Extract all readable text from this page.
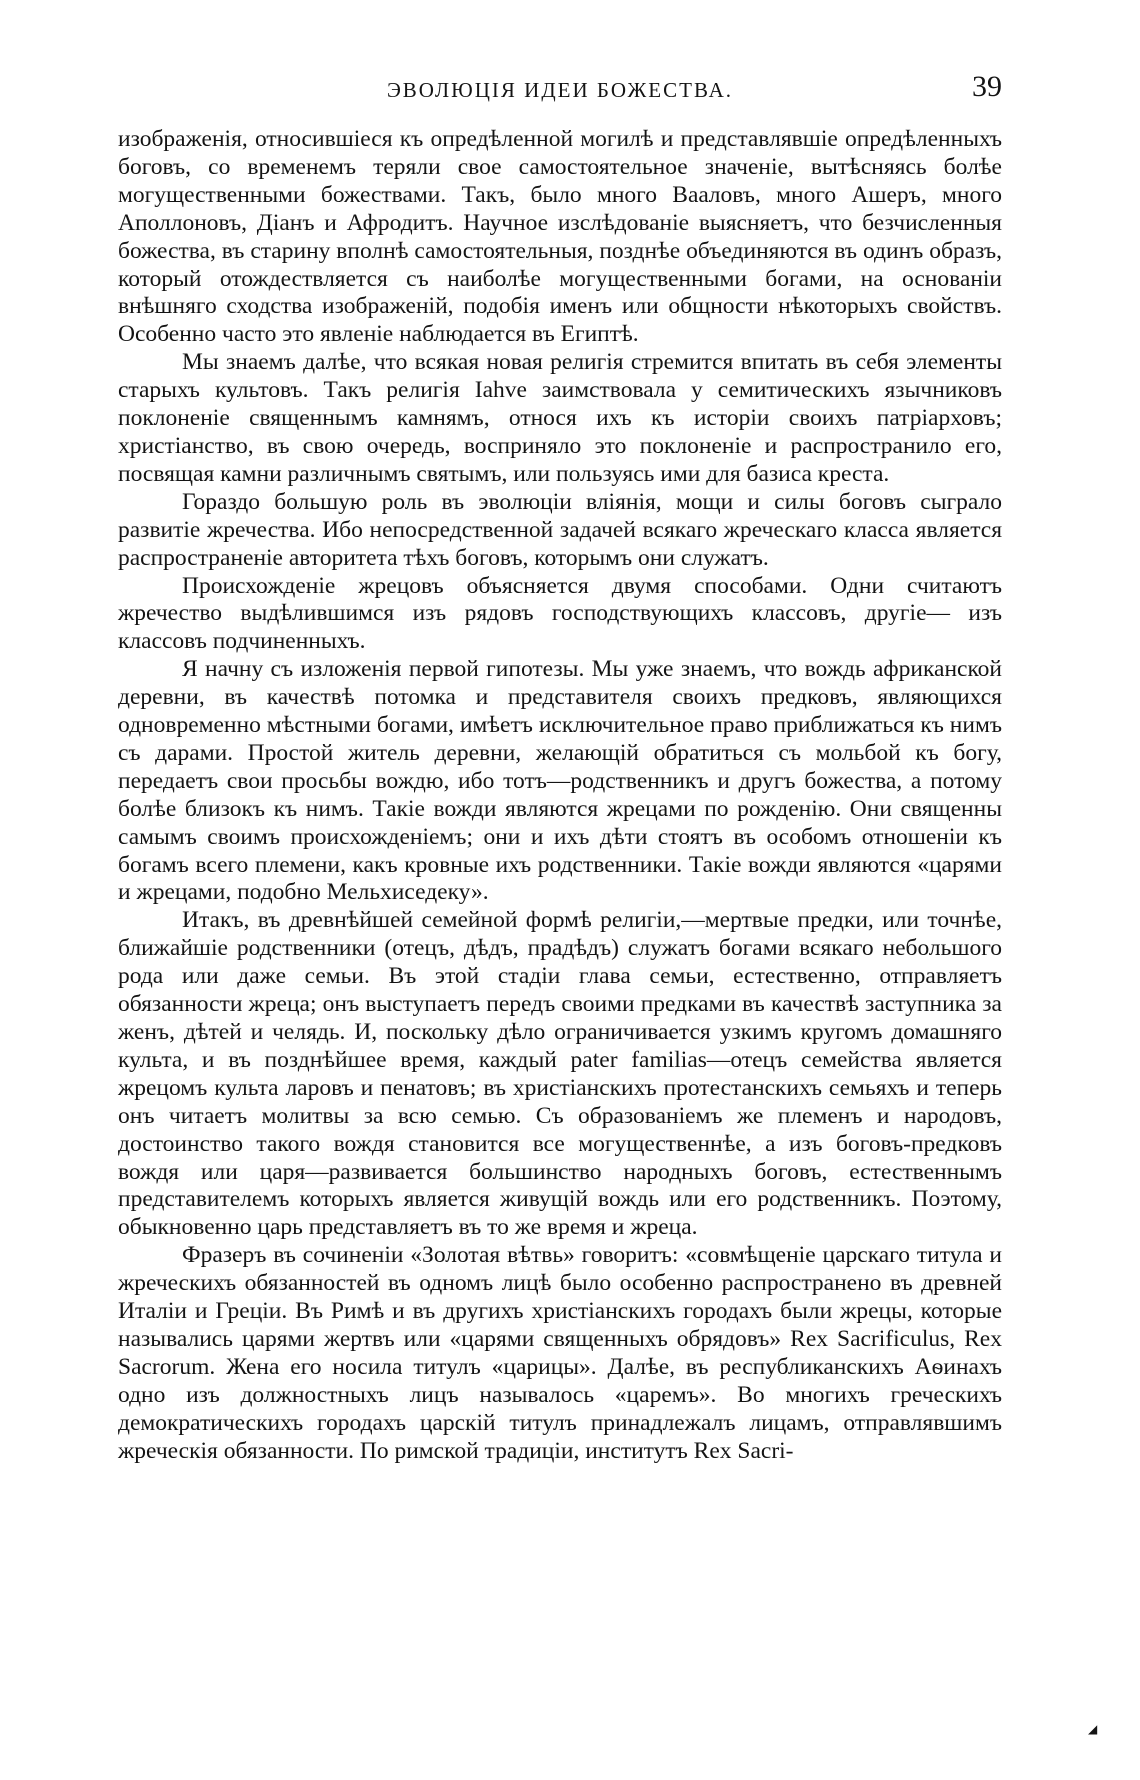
ЭВОЛЮЦІЯ ИДЕИ БОЖЕСТВА.	39

изображенія, относившіеся къ опредѣленной могилѣ и представлявшіе опредѣленныхъ боговъ, со временемъ теряли свое самостоятельное значеніе, вытѣсняясь болѣе могущественными божествами. Такъ, было много Ваaловъ, много Ашеръ, много Аполлоновъ, Діанъ и Афродитъ. Научное изслѣдованіе выясняетъ, что безчисленныя божества, въ старину вполнѣ самостоятельныя, позднѣе объединяются въ одинъ образъ, который отождествляется съ наиболѣе могущественными богами, на основаніи внѣшняго сходства изображеній, подобія именъ или общности нѣкоторыхъ свойствъ. Особенно часто это явленіе наблюдается въ Египтѣ.

Мы знаемъ далѣе, что всякая новая религія стремится впитать въ себя элементы старыхъ культовъ. Такъ религія Iahve заимствовала у семитическихъ язычниковъ поклоненіе священнымъ камнямъ, относя ихъ къ исторіи своихъ патріарховъ; христіанство, въ свою очередь, восприняло это поклоненіе и распространило его, посвящая камни различнымъ святымъ, или пользуясь ими для базиса креста.

Гораздо большую роль въ эволюціи вліянія, мощи и силы боговъ сыграло развитіе жречества. Ибо непосредственной задачей всякаго жреческаго класса является распространеніе авторитета тѣхъ боговъ, которымъ они служатъ.

Происхожденіе жрецовъ объясняется двумя способами. Одни считаютъ жречество выдѣлившимся изъ рядовъ господствующихъ классовъ, другіе— изъ классовъ подчиненныхъ.

Я начну съ изложенія первой гипотезы. Мы уже знаемъ, что вождь африканской деревни, въ качествѣ потомка и представителя своихъ предковъ, являющихся одновременно мѣстными богами, имѣетъ исключительное право приближаться къ нимъ съ дарами. Простой житель деревни, желающій обратиться съ мольбой къ богу, передаетъ свои просьбы вождю, ибо тотъ—родственникъ и другъ божества, а потому болѣе близокъ къ нимъ. Такіе вожди являются жрецами по рожденію. Они священны самымъ своимъ происхожденіемъ; они и ихъ дѣти стоятъ въ особомъ отношеніи къ богамъ всего племени, какъ кровные ихъ родственники. Такіе вожди являются «царями и жрецами, подобно Мельхиседеку».

Итакъ, въ древнѣйшей семейной формѣ религіи,—мертвые предки, или точнѣе, ближайшіе родственники (отецъ, дѣдъ, прадѣдъ) служатъ богами всякаго небольшого рода или даже семьи. Въ этой стадіи глава семьи, естественно, отправляетъ обязанности жреца; онъ выступаетъ передъ своими предками въ качествѣ заступника за женъ, дѣтей и челядь. И, поскольку дѣло ограничивается узкимъ кругомъ домашняго культа, и въ позднѣйшее время, каждый pater familias—отецъ семейства является жрецомъ культа ларовъ и пенатовъ; въ христіанскихъ протестанскихъ семьяхъ и теперь онъ читаетъ молитвы за всю семью. Съ образованіемъ же племенъ и народовъ, достоинство такого вождя становится все могущественнѣе, а изъ боговъ-предковъ вождя или царя—развивается большинство народныхъ боговъ, естественнымъ представителемъ которыхъ является живущій вождь или его родственникъ. Поэтому, обыкновенно царь представляетъ въ то же время и жреца.

Фразеръ въ сочиненіи «Золотая вѣтвь» говоритъ: «совмѣщеніе царскаго титула и жреческихъ обязанностей въ одномъ лицѣ было особенно распространено въ древней Италіи и Греціи. Въ Римѣ и въ другихъ христіанскихъ городахъ были жрецы, которые назывались царями жертвъ или «царями священныхъ обрядовъ» Rex Sacrificulus, Rex Sacrorum. Жена его носила титулъ «царицы». Далѣе, въ республиканскихъ Аѳинахъ одно изъ должностныхъ лицъ называлось «царемъ». Во многихъ греческихъ демократическихъ городахъ царскій титулъ принадлежалъ лицамъ, отправлявшимъ жреческія обязанности. По римской традиціи, институтъ Rex Sacri-

◢
